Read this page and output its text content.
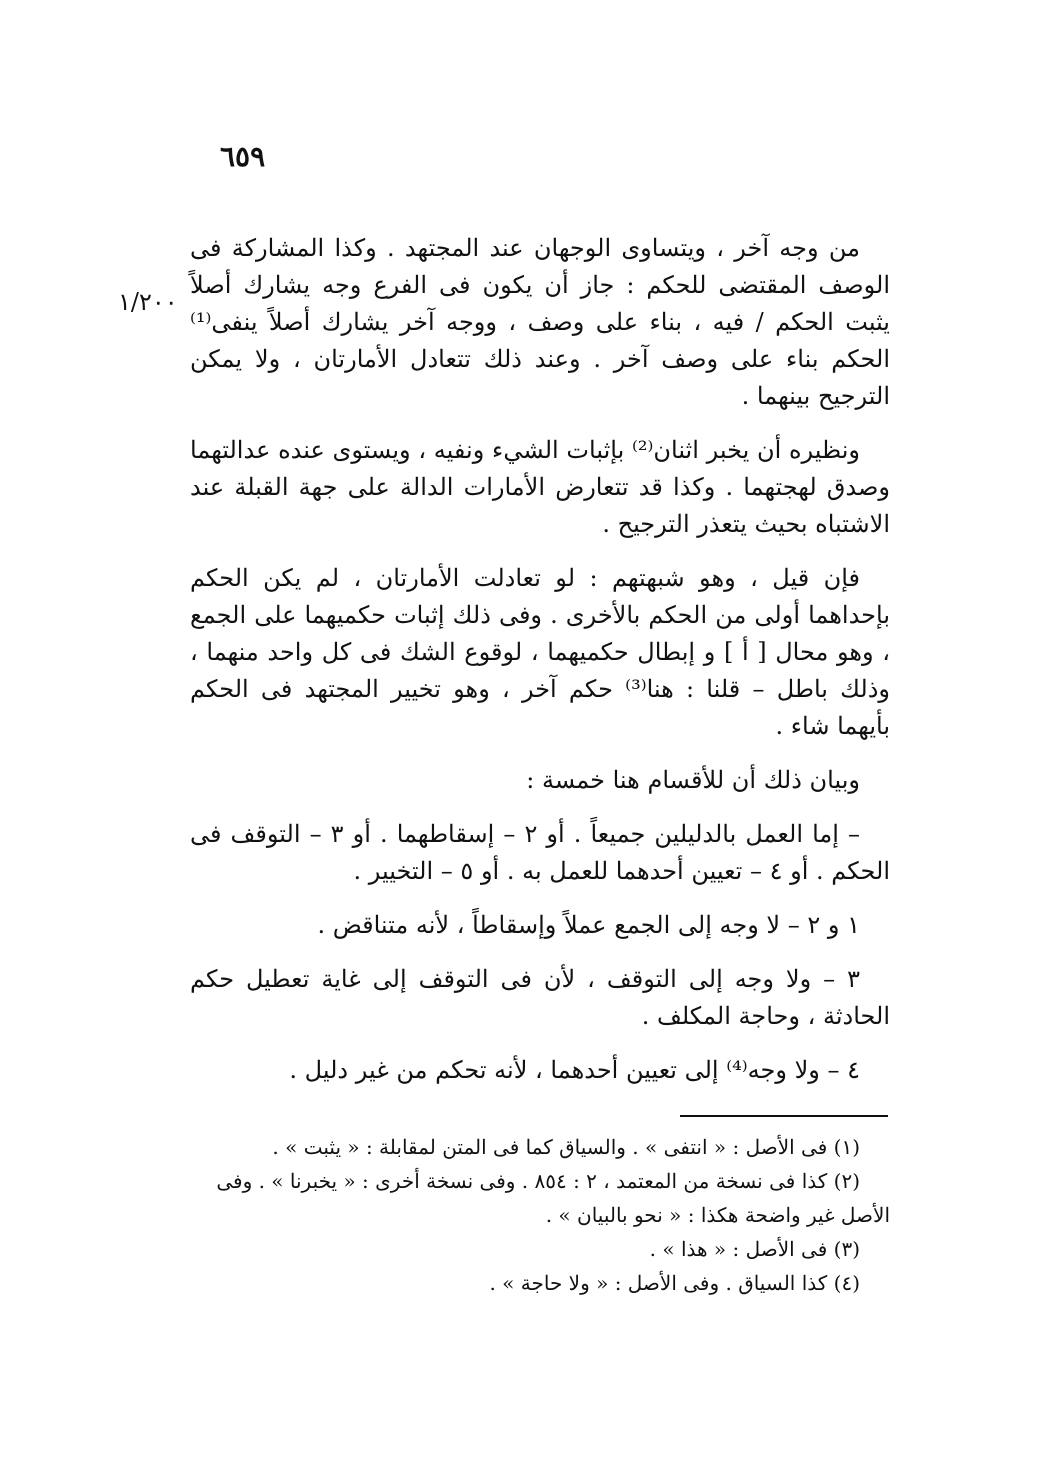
٦٥٩
١/٢٠٠

من وجه آخر ، ويتساوى الوجهان عند المجتهد . وكذا المشاركة فى الوصف المقتضى للحكم : جاز أن يكون فى الفرع وجه يشارك أصلاً يثبت الحكم / فيه ، بناء على وصف ، ووجه آخر يشارك أصلاً ينفى⁽¹⁾ الحكم بناء على وصف آخر . وعند ذلك تتعادل الأمارتان ، ولا يمكن الترجيح بينهما .

ونظيره أن يخبر اثنان⁽²⁾ بإثبات الشيء ونفيه ، ويستوى عنده عدالتهما وصدق لهجتهما . وكذا قد تتعارض الأمارات الدالة على جهة القبلة عند الاشتباه بحيث يتعذر الترجيح .

فإن قيل ، وهو شبهتهم : لو تعادلت الأمارتان ، لم يكن الحكم بإحداهما أولى من الحكم بالأخرى . وفى ذلك إثبات حكميهما على الجمع ، وهو محال [ أ ] و إبطال حكميهما ، لوقوع الشك فى كل واحد منهما ، وذلك باطل – قلنا : هنا⁽³⁾ حكم آخر ، وهو تخيير المجتهد فى الحكم بأيهما شاء .

وبيان ذلك أن للأقسام هنا خمسة :

– إما العمل بالدليلين جميعاً . أو ٢ – إسقاطهما . أو ٣ – التوقف فى الحكم . أو ٤ – تعيين أحدهما للعمل به . أو ٥ – التخيير .

١ و ٢ – لا وجه إلى الجمع عملاً وإسقاطاً ، لأنه متناقض .

٣ – ولا وجه إلى التوقف ، لأن فى التوقف إلى غاية تعطيل حكم الحادثة ، وحاجة المكلف .

٤ – ولا وجه⁽⁴⁾ إلى تعيين أحدهما ، لأنه تحكم من غير دليل .

(١) فى الأصل : « انتفى » . والسياق كما فى المتن لمقابلة : « يثبت » .

(٢) كذا فى نسخة من المعتمد ، ٢ : ٨٥٤ . وفى نسخة أخرى : « يخبرنا » . وفى

الأصل غير واضحة هكذا : « نحو بالبيان » .

(٣) فى الأصل : « هذا » .

(٤) كذا السياق . وفى الأصل : « ولا حاجة » .
